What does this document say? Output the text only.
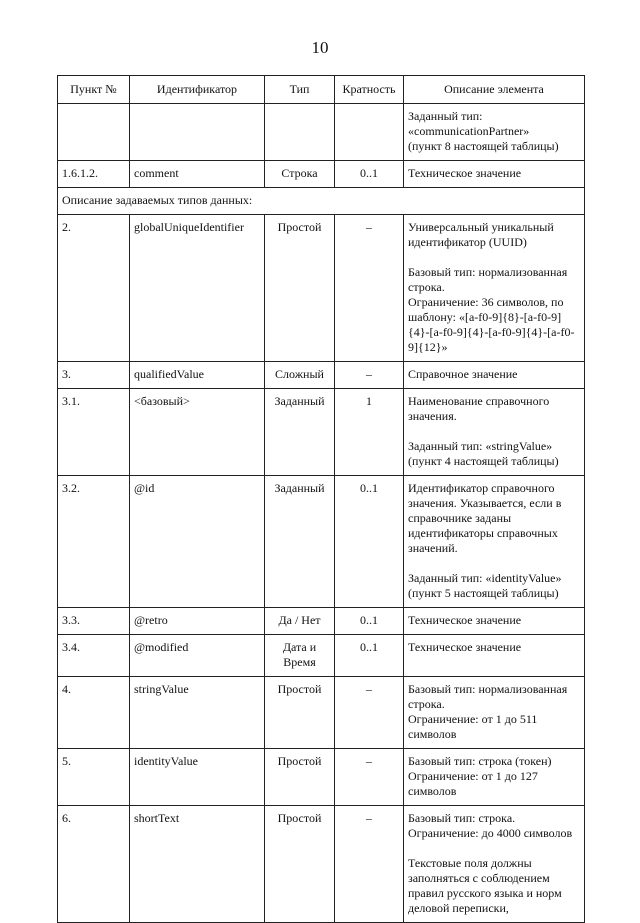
10
Пункт №	Идентификатор	Тип	Кратность	Описание элемента

				Заданный тип:
«communicationPartner»
(пункт 8 настоящей таблицы)

1.6.1.2.	comment	Строка	0..1	Техническое значение
Описание задаваемых типов данных:				
2.	globalUniqueIdentifier	Простой	–	Универсальный уникальный идентификатор (UUID)
Базовый тип: нормализованная строка.
Ограничение: 36 символов, по шаблону: «[a-f0-9]{8}-[a-f0-9]{4}-[a-f0-9]{4}-[a-f0-9]{4}-[a-f0-9]{12}»

3.	qualifiedValue	Сложный	–	Справочное значение
3.1.	<базовый>	Заданный	1	Наименование справочного значения.
Заданный тип: «stringValue»
(пункт 4 настоящей таблицы)

3.2.	@id	Заданный	0..1	Идентификатор справочного значения. Указывается, если в справочнике заданы идентификаторы справочных значений.
Заданный тип: «identityValue»
(пункт 5 настоящей таблицы)

3.3.	@retro	Да / Нет	0..1	Техническое значение
3.4.	@modified	Дата и Время	0..1	Техническое значение
4.	stringValue	Простой	–	Базовый тип: нормализованная строка.
Ограничение: от 1 до 511 символов

5.	identityValue	Простой	–	Базовый тип: строка (токен)
Ограничение: от 1 до 127 символов

6.	shortText	Простой	–	Базовый тип: строка.
Ограничение: до 4000 символов
Текстовые поля должны заполняться с соблюдением правил русского языка и норм деловой переписки,
